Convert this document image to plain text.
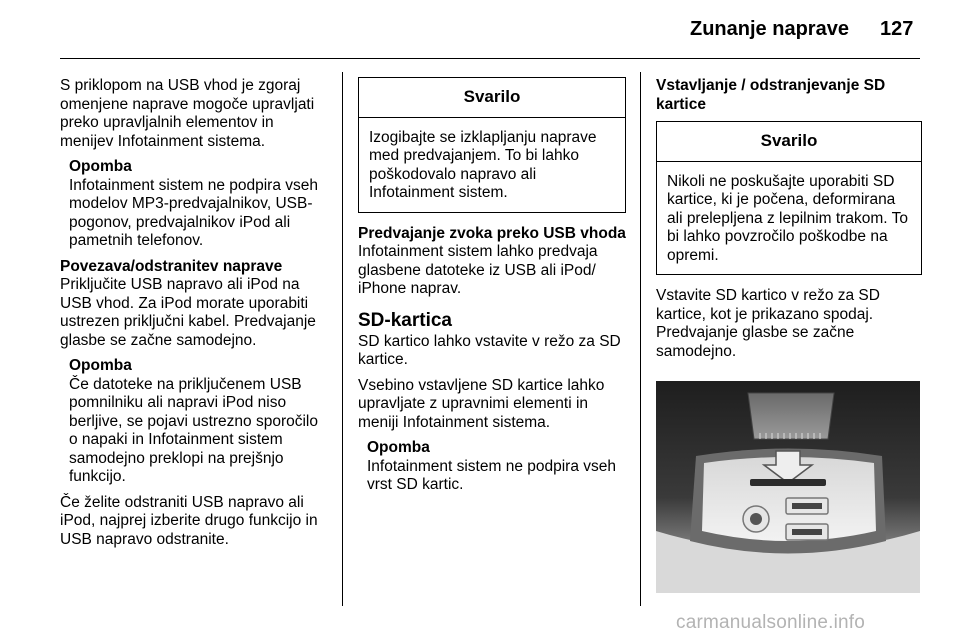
Zunanje naprave 127

S priklopom na USB vhod je zgoraj omenjene naprave mogoče upravljati preko upravljalnih elementov in menijev Infotainment sistema.

Opomba
Infotainment sistem ne podpira vseh modelov MP3-predvajalnikov, USB-pogonov, predvajalnikov iPod ali pametnih telefonov.
Povezava/odstranitev naprave

Priključite USB napravo ali iPod na USB vhod. Za iPod morate uporabiti ustrezen priključni kabel. Predvajanje glasbe se začne samodejno.

Opomba
Če datoteke na priključenem USB pomnilniku ali napravi iPod niso berljive, se pojavi ustrezno sporočilo o napaki in Infotainment sistem samodejno preklopi na prejšnjo funkcijo.

Če želite odstraniti USB napravo ali iPod, najprej izberite drugo funkcijo in USB napravo odstranite.

Svarilo
Izogibajte se izklapljanju naprave med predvajanjem. To bi lahko poškodovalo napravo ali Infotainment sistem.
Predvajanje zvoka preko USB vhoda

Infotainment sistem lahko predvaja glasbene datoteke iz USB ali iPod/ iPhone naprav.

SD-kartica

SD kartico lahko vstavite v režo za SD kartice.

Vsebino vstavljene SD kartice lahko upravljate z upravnimi elementi in meniji Infotainment sistema.

Opomba
Infotainment sistem ne podpira vseh vrst SD kartic.
Vstavljanje / odstranjevanje SD kartice
Svarilo
Nikoli ne poskušajte uporabiti SD kartice, ki je počena, deformirana ali prelepljena z lepilnim trakom. To bi lahko povzročilo poškodbe na opremi.

Vstavite SD kartico v režo za SD kartice, kot je prikazano spodaj. Predvajanje glasbe se začne samodejno.

carmanualsonline.info
